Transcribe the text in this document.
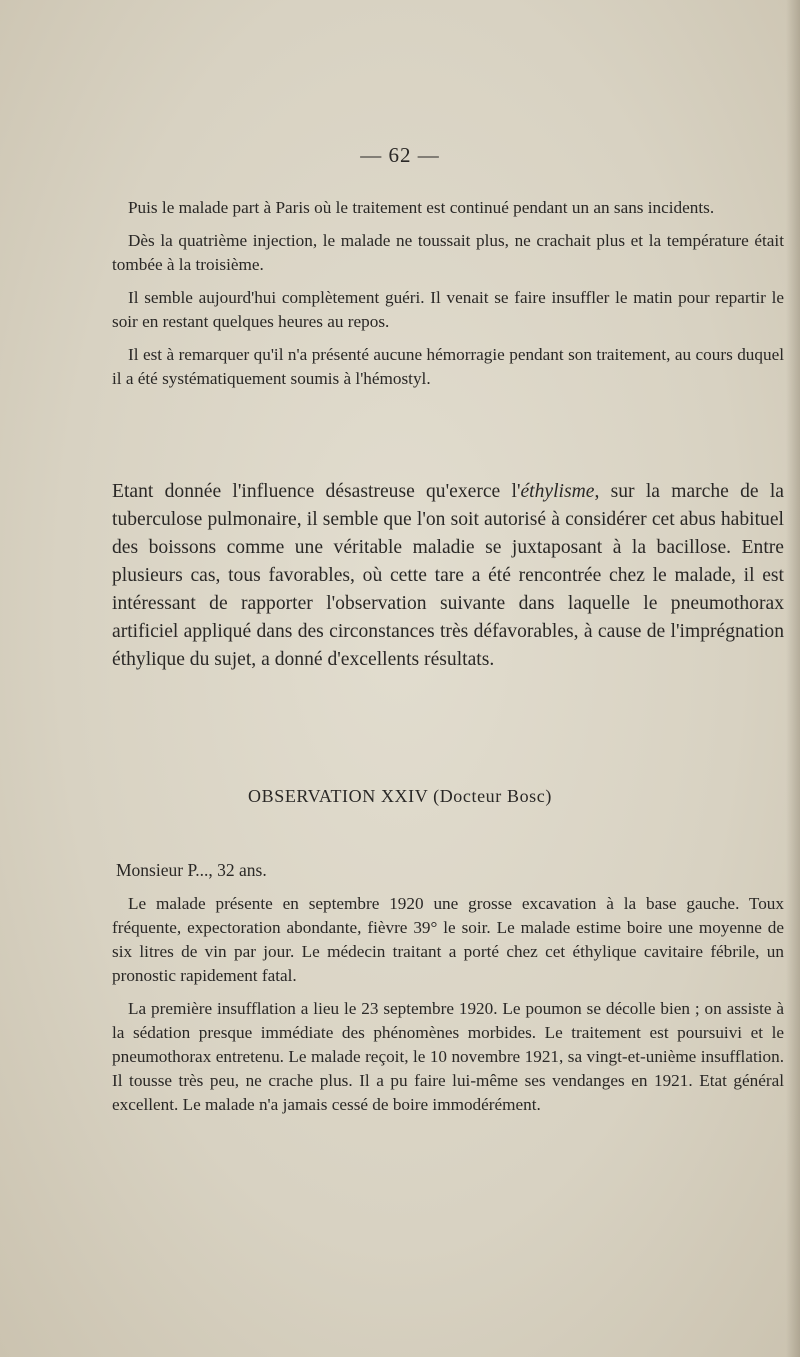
— 62 —

Puis le malade part à Paris où le traitement est continué pendant un an sans incidents.

Dès la quatrième injection, le malade ne toussait plus, ne crachait plus et la température était tombée à la troisième.

Il semble aujourd'hui complètement guéri. Il venait se faire insuffler le matin pour repartir le soir en restant quelques heures au repos.

Il est à remarquer qu'il n'a présenté aucune hémorragie pendant son traitement, au cours duquel il a été systématiquement soumis à l'hémostyl.

Etant donnée l'influence désastreuse qu'exerce l'éthylisme, sur la marche de la tuberculose pulmonaire, il semble que l'on soit autorisé à considérer cet abus habituel des boissons comme une véritable maladie se juxtaposant à la bacillose. Entre plusieurs cas, tous favorables, où cette tare a été rencontrée chez le malade, il est intéressant de rapporter l'observation suivante dans laquelle le pneumothorax artificiel appliqué dans des circonstances très défavorables, à cause de l'imprégnation éthylique du sujet, a donné d'excellents résultats.

OBSERVATION XXIV (Docteur Bosc)
Monsieur P..., 32 ans.

Le malade présente en septembre 1920 une grosse excavation à la base gauche. Toux fréquente, expectoration abondante, fièvre 39° le soir. Le malade estime boire une moyenne de six litres de vin par jour. Le médecin traitant a porté chez cet éthylique cavitaire fébrile, un pronostic rapidement fatal.

La première insufflation a lieu le 23 septembre 1920. Le poumon se décolle bien ; on assiste à la sédation presque immédiate des phénomènes morbides. Le traitement est poursuivi et le pneumothorax entretenu. Le malade reçoit, le 10 novembre 1921, sa vingt-et-unième insufflation. Il tousse très peu, ne crache plus. Il a pu faire lui-même ses vendanges en 1921. Etat général excellent. Le malade n'a jamais cessé de boire immodérément.
